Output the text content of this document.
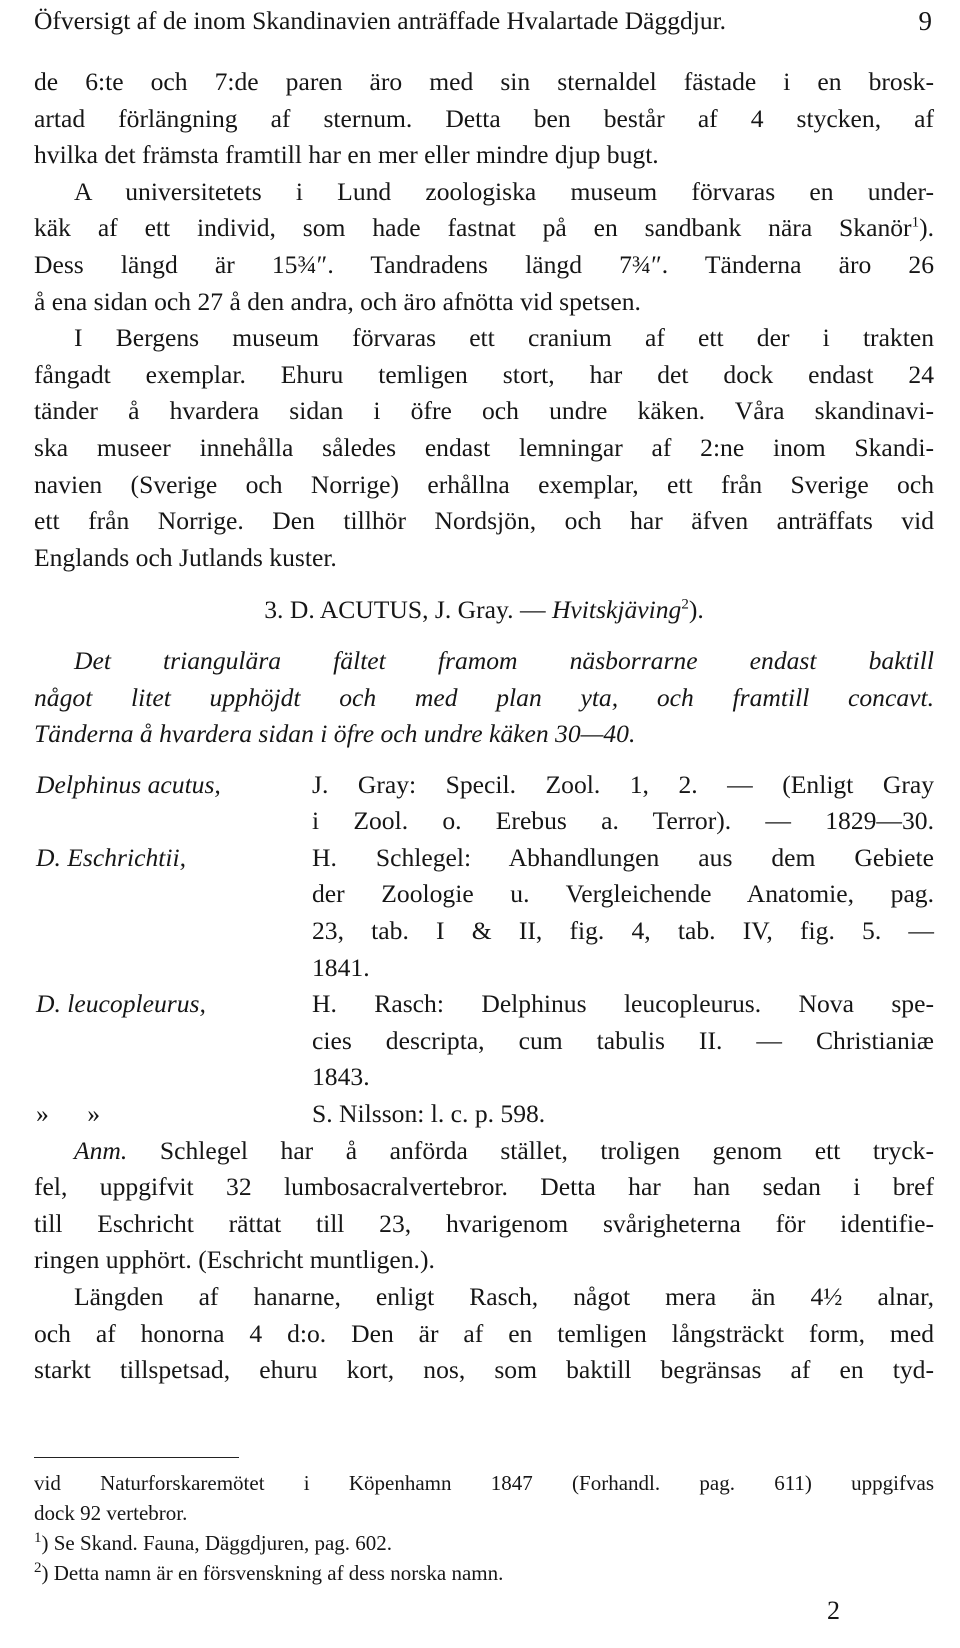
Öfversigt af de inom Skandinavien anträffade Hvalartade Däggdjur.	9

de 6:te och 7:de paren äro med sin sternaldel fästade i en brosk-

artad förlängning af sternum. Detta ben består af 4 stycken, af

hvilka det främsta framtill har en mer eller mindre djup bugt.

A universitetets i Lund zoologiska museum förvaras en under-

käk af ett individ, som hade fastnat på en sandbank nära Skanör$^1$).

Dess längd är 15¾″. Tandradens längd 7¾″. Tänderna äro 26

å ena sidan och 27 å den andra, och äro afnötta vid spetsen.

I Bergens museum förvaras ett cranium af ett der i trakten

fångadt exemplar. Ehuru temligen stort, har det dock endast 24

tänder å hvardera sidan i öfre och undre käken. Våra skandinavi-

ska museer innehålla således endast lemningar af 2:ne inom Skandi-

navien (Sverige och Norrige) erhållna exemplar, ett från Sverige och

ett från Norrige. Den tillhör Nordsjön, och har äfven anträffats vid

Englands och Jutlands kuster.

3. D. ACUTUS, J. Gray. — Hvitskjäving$^2$).

Det triangulära fältet framom näsborrarne endast baktill

något litet upphöjdt och med plan yta, och framtill concavt.

Tänderna å hvardera sidan i öfre och undre käken 30—40.

Delphinus acutus,	J. Gray: Specil. Zool. 1, 2. — (Enligt Gray
i Zool. o. Erebus a. Terror). — 1829—30.
D. Eschrichtii,	H. Schlegel: Abhandlungen aus dem Gebiete
der Zoologie u. Vergleichende Anatomie, pag.
23, tab. I & II, fig. 4, tab. IV, fig. 5. —
1841.
D. leucopleurus,	H. Rasch: Delphinus leucopleurus. Nova spe-
cies descripta, cum tabulis II. — Christianiæ
1843.
»      »	S. Nilsson: l. c. p. 598.

Anm. Schlegel har å anförda stället, troligen genom ett tryck-

fel, uppgifvit 32 lumbosacralvertebror. Detta har han sedan i bref

till Eschricht rättat till 23, hvarigenom svårigheterna för identifie-

ringen upphört. (Eschricht muntligen.).

Längden af hanarne, enligt Rasch, något mera än 4½ alnar,

och af honorna 4 d:o. Den är af en temligen långsträckt form, med

starkt tillspetsad, ehuru kort, nos, som baktill begränsas af en tyd-

vid Naturforskaremötet i Köpenhamn 1847 (Forhandl. pag. 611) uppgifvas

dock 92 vertebror.

$^1$) Se Skand. Fauna, Däggdjuren, pag. 602.

$^2$) Detta namn är en försvenskning af dess norska namn.

2
